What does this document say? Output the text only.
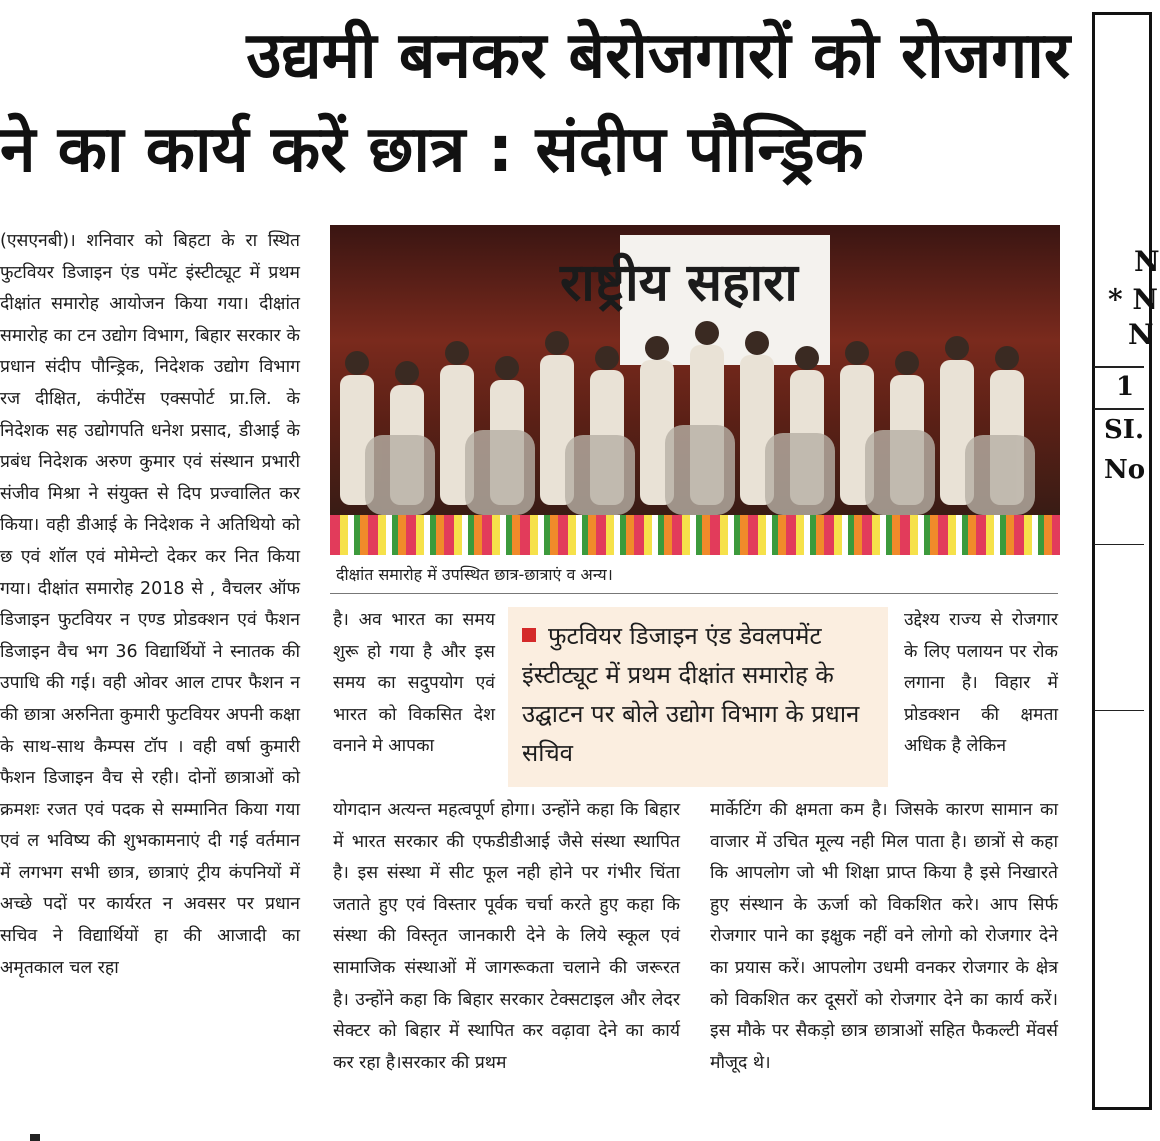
उद्यमी बनकर बेरोजगारों को रोजगार
ने का कार्य करें छात्र : संदीप पौन्ड्रिक

(एसएनबी)। शनिवार को बिहटा के रा स्थित फुटवियर डिजाइन एंड पमेंट इंस्टीट्यूट में प्रथम दीक्षांत समारोह आयोजन किया गया। दीक्षांत समारोह का टन उद्योग विभाग, बिहार सरकार के प्रधान संदीप पौन्ड्रिक, निदेशक उद्योग विभाग रज दीक्षित, कंपीटेंस एक्सपोर्ट प्रा.लि. के निदेशक सह उद्योगपति धनेश प्रसाद, डीआई के प्रबंध निदेशक अरुण कुमार एवं संस्थान प्रभारी संजीव मिश्रा ने संयुक्त से दिप प्रज्वालित कर किया। वही डीआई के निदेशक ने अतिथियो को छ एवं शॉल एवं मोमेन्टो देकर कर नित किया गया। दीक्षांत समारोह 2018 से , वैचलर ऑफ डिजाइन फुटवियर न एण्ड प्रोडक्शन एवं फैशन डिजाइन वैच भग 36 विद्यार्थियों ने स्नातक की उपाधि की गई। वही ओवर आल टापर फैशन न की छात्रा अरुनिता कुमारी फुटवियर अपनी कक्षा के साथ-साथ कैम्पस टॉप । वही वर्षा कुमारी फैशन डिजाइन वैच से रही। दोनों छात्राओं को क्रमशः रजत एवं पदक से सम्मानित किया गया एवं ल भविष्य की शुभकामनाएं दी गई वर्तमान में लगभग सभी छात्र, छात्राएं ट्रीय कंपनियों में अच्छे पदों पर कार्यरत न अवसर पर प्रधान सचिव ने विद्यार्थियों हा की आजादी का अमृतकाल चल रहा

राष्ट्रीय सहारा
दीक्षांत समारोह में उपस्थित छात्र-छात्राएं व अन्य।

है। अव भारत का समय शुरू हो गया है और इस समय का सदुपयोग एवं भारत को विकसित देश वनाने मे आपका

फुटवियर डिजाइन एंड डेवलपमेंट इंस्टीट्यूट में प्रथम दीक्षांत समारोह के उद्घाटन पर बोले उद्योग विभाग के प्रधान सचिव

उद्देश्य राज्य से रोजगार के लिए पलायन पर रोक लगाना है। विहार में प्रोडक्शन की क्षमता अधिक है लेकिन

योगदान अत्यन्त महत्वपूर्ण होगा। उन्होंने कहा कि बिहार में भारत सरकार की एफडीडीआई जैसे संस्था स्थापित है। इस संस्था में सीट फूल नही होने पर गंभीर चिंता जताते हुए एवं विस्तार पूर्वक चर्चा करते हुए कहा कि संस्था की विस्तृत जानकारी देने के लिये स्कूल एवं सामाजिक संस्थाओं में जागरूकता चलाने की जरूरत है। उन्होंने कहा कि बिहार सरकार टेक्सटाइल और लेदर सेक्टर को बिहार में स्थापित कर वढ़ावा देने का कार्य कर रहा है।सरकार की प्रथम

मार्केटिंग की क्षमता कम है। जिसके कारण सामान का वाजार में उचित मूल्य नही मिल पाता है। छात्रों से कहा कि आपलोग जो भी शिक्षा प्राप्त किया है इसे निखारते हुए संस्थान के ऊर्जा को विकशित करे। आप सिर्फ रोजगार पाने का इक्षुक नहीं वने लोगो को रोजगार देने का प्रयास करें। आपलोग उधमी वनकर रोजगार के क्षेत्र को विकशित कर दूसरों को रोजगार देने का कार्य करें। इस मौके पर सैकड़ो छात्र छात्राओं सहित फैकल्टी मेंवर्स मौजूद थे।

N
* N
N
1
SI.
No
